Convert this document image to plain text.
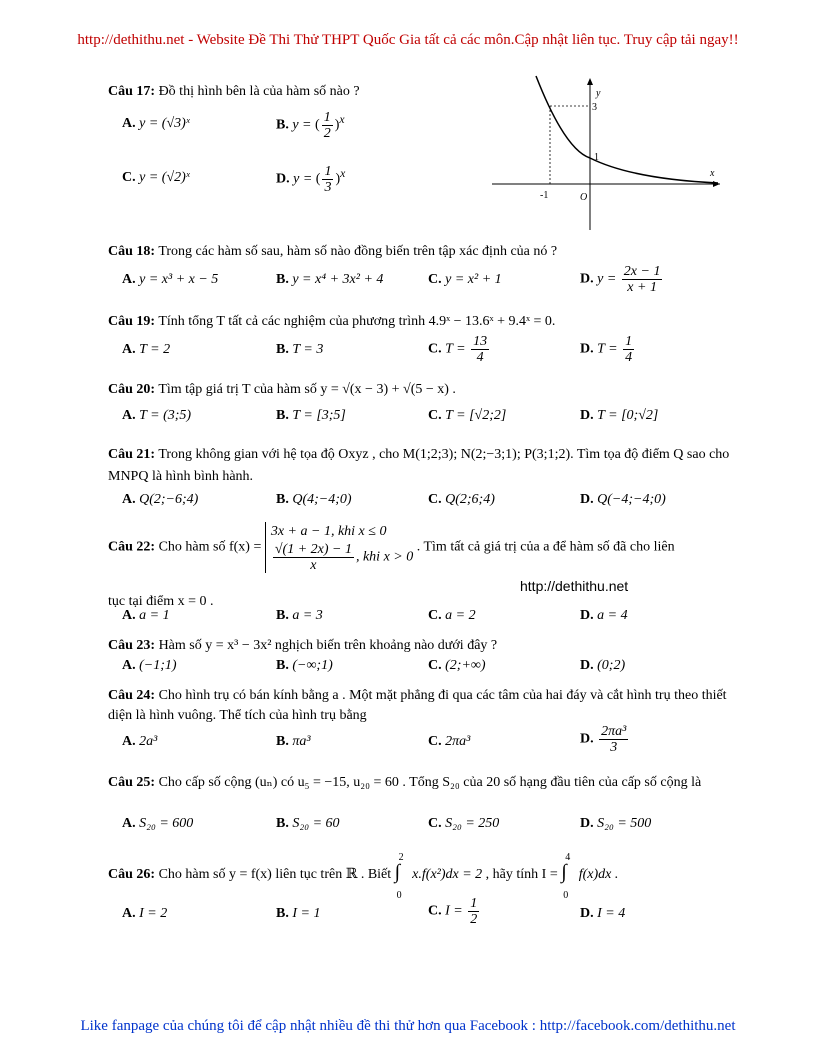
http://dethithu.net - Website Đề Thi Thử THPT Quốc Gia tất cả các môn.Cập nhật liên tục. Truy cập tải ngay!!
Câu 17: Đồ thị hình bên là của hàm số nào ?
A. y = (√3)ˣ	B. y = ( $\frac{1}{2} )^x$
C. y = (√2)ˣ	D. y = ( $\frac{1}{3} )^x$
y
3
1
-1	O
x
Câu 18: Trong các hàm số sau, hàm số nào đồng biến trên tập xác định của nó ?
A. y = x³ + x − 5	B. y = x⁴ + 3x² + 4	C. y = x² + 1	D. $y = \frac{2x - 1}{x + 1}$
Câu 19: Tính tổng T tất cả các nghiệm của phương trình 4.9ˣ − 13.6ˣ + 9.4ˣ = 0.
A. T = 2	B. T = 3	C. $T = \frac{13}{4}$	D. $T = \frac{1}{4}$
Câu 20: Tìm tập giá trị T của hàm số y = √(x − 3) + √(5 − x) .
A. T = (3;5)	B. T = [3;5]	C. T = [√2;2]	D. T = [0;√2]
Câu 21: Trong không gian với hệ tọa độ Oxyz , cho M(1;2;3); N(2;−3;1); P(3;1;2). Tìm tọa độ điểm Q sao cho MNPQ là hình bình hành.
A. Q(2;−6;4)	B. Q(4;−4;0)	C. Q(2;6;4)	D. Q(−4;−4;0)
Câu 22: Cho hàm số f(x) =
3x + a − 1, khi x ≤ 0
$\frac{√(1 + 2x) - 1}{x}$ , khi x > 0
. Tìm tất cả giá trị của a để hàm số đã cho liên
http://dethithu.net
tục tại điểm x = 0 .
A. a = 1	B. a = 3	C. a = 2	D. a = 4
Câu 23: Hàm số y = x³ − 3x² nghịch biến trên khoảng nào dưới đây ?
A. (−1;1)	B. (−∞;1)	C. (2;+∞)	D. (0;2)
Câu 24: Cho hình trụ có bán kính bằng a . Một mặt phẳng đi qua các tâm của hai đáy và cắt hình trụ theo thiết diện là hình vuông. Thể tích của hình trụ bằng
A. 2a³	B. πa³	C. 2πa³	D. $\frac{\text{2πa³}}{3}$
Câu 25: Cho cấp số cộng (uₙ) có u₅ = −15, u₂₀ = 60 . Tổng S₂₀ của 20 số hạng đầu tiên của cấp số cộng là
A. S₂₀ = 600	B. S₂₀ = 60	C. S₂₀ = 250	D. S₂₀ = 500
Câu 26: Cho hàm số y = f(x) liên tục trên ℝ . Biết
2
∫
0
x.f(x²)dx = 2 , hãy tính I =
4
∫
0
f(x)dx .
A. I = 2	B. I = 1	C. $I = \frac{1}{2}$	D. I = 4
Like fanpage của chúng tôi để cập nhật nhiều đề thi thử hơn qua Facebook : http://facebook.com/dethithu.net
